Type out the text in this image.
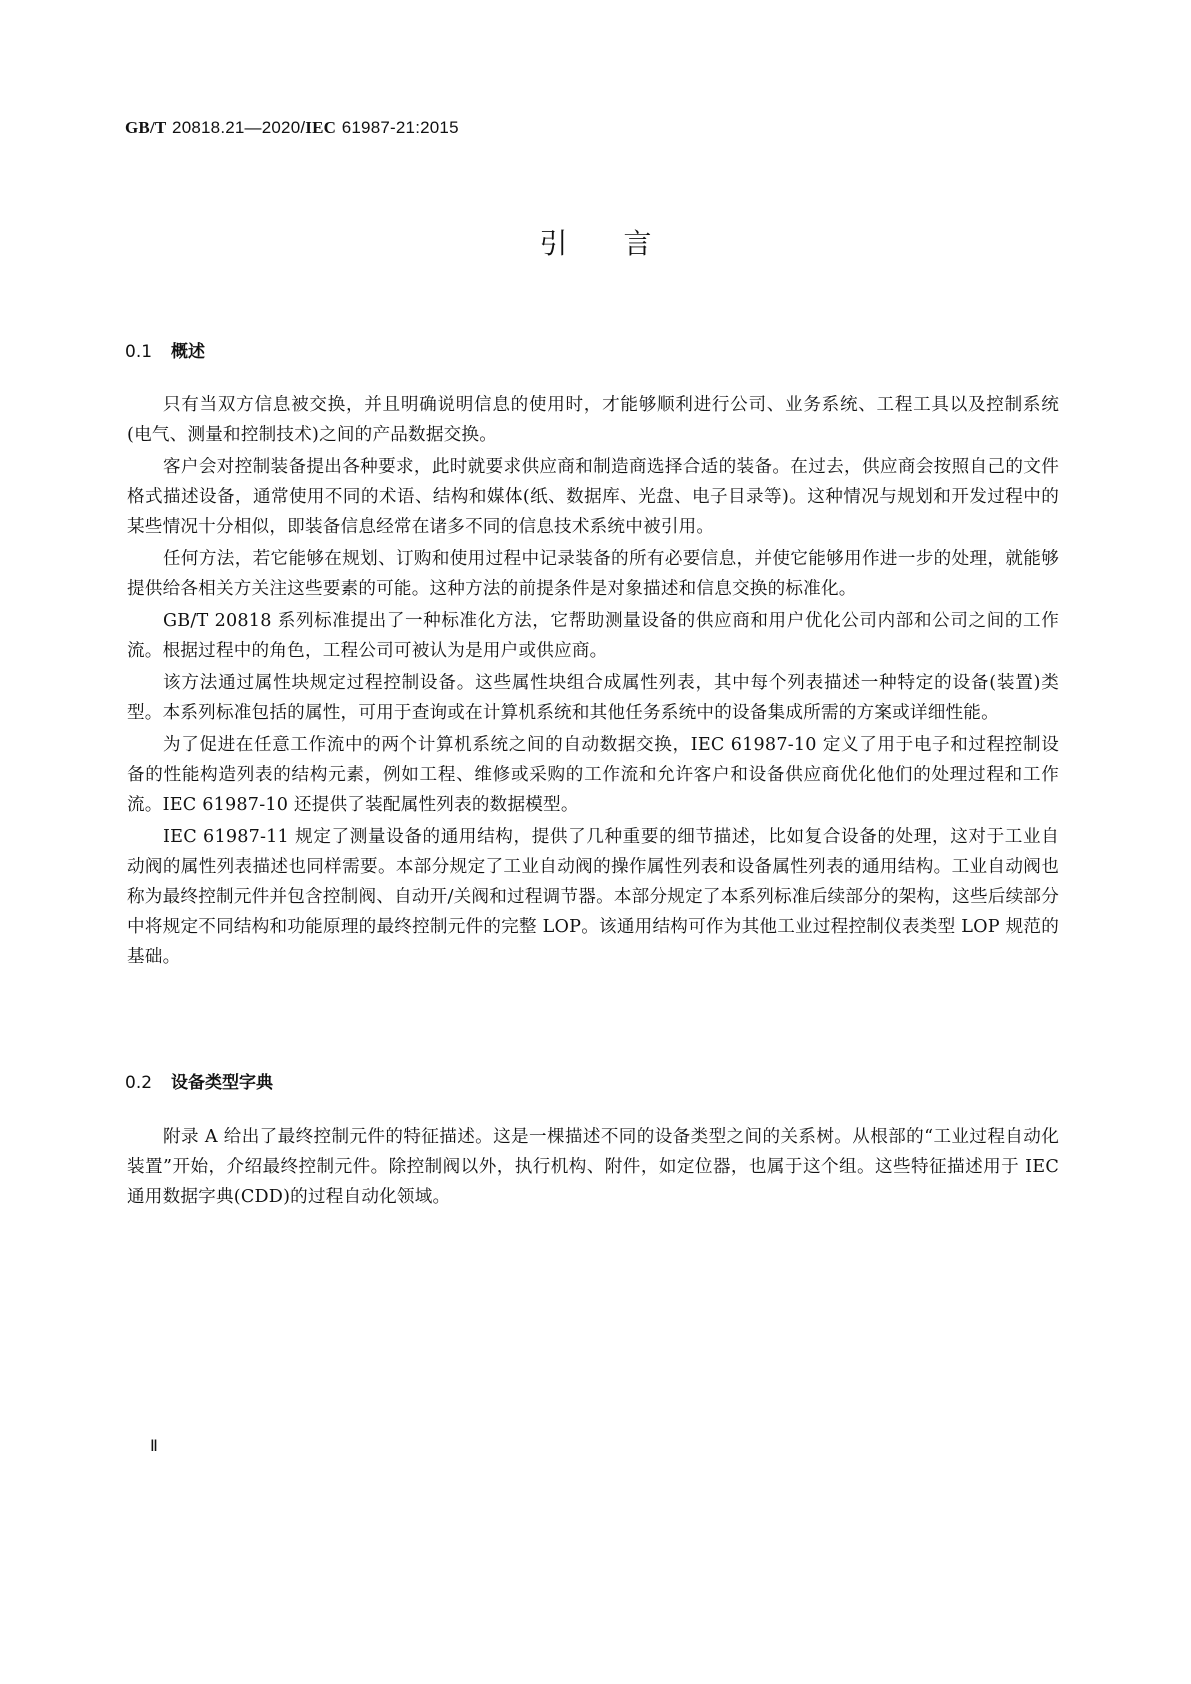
GB/T 20818.21—2020/IEC 61987-21:2015
引言
0.1 概述

只有当双方信息被交换，并且明确说明信息的使用时，才能够顺利进行公司、业务系统、工程工具以及控制系统(电气、测量和控制技术)之间的产品数据交换。

客户会对控制装备提出各种要求，此时就要求供应商和制造商选择合适的装备。在过去，供应商会按照自己的文件格式描述设备，通常使用不同的术语、结构和媒体(纸、数据库、光盘、电子目录等)。这种情况与规划和开发过程中的某些情况十分相似，即装备信息经常在诸多不同的信息技术系统中被引用。

任何方法，若它能够在规划、订购和使用过程中记录装备的所有必要信息，并使它能够用作进一步的处理，就能够提供给各相关方关注这些要素的可能。这种方法的前提条件是对象描述和信息交换的标准化。

GB/T 20818 系列标准提出了一种标准化方法，它帮助测量设备的供应商和用户优化公司内部和公司之间的工作流。根据过程中的角色，工程公司可被认为是用户或供应商。

该方法通过属性块规定过程控制设备。这些属性块组合成属性列表，其中每个列表描述一种特定的设备(装置)类型。本系列标准包括的属性，可用于查询或在计算机系统和其他任务系统中的设备集成所需的方案或详细性能。

为了促进在任意工作流中的两个计算机系统之间的自动数据交换，IEC 61987-10 定义了用于电子和过程控制设备的性能构造列表的结构元素，例如工程、维修或采购的工作流和允许客户和设备供应商优化他们的处理过程和工作流。IEC 61987-10 还提供了装配属性列表的数据模型。

IEC 61987-11 规定了测量设备的通用结构，提供了几种重要的细节描述，比如复合设备的处理，这对于工业自动阀的属性列表描述也同样需要。本部分规定了工业自动阀的操作属性列表和设备属性列表的通用结构。工业自动阀也称为最终控制元件并包含控制阀、自动开/关阀和过程调节器。本部分规定了本系列标准后续部分的架构，这些后续部分中将规定不同结构和功能原理的最终控制元件的完整 LOP。该通用结构可作为其他工业过程控制仪表类型 LOP 规范的基础。

0.2 设备类型字典

附录 A 给出了最终控制元件的特征描述。这是一棵描述不同的设备类型之间的关系树。从根部的“工业过程自动化装置”开始，介绍最终控制元件。除控制阀以外，执行机构、附件，如定位器，也属于这个组。这些特征描述用于 IEC 通用数据字典(CDD)的过程自动化领域。

Ⅱ
